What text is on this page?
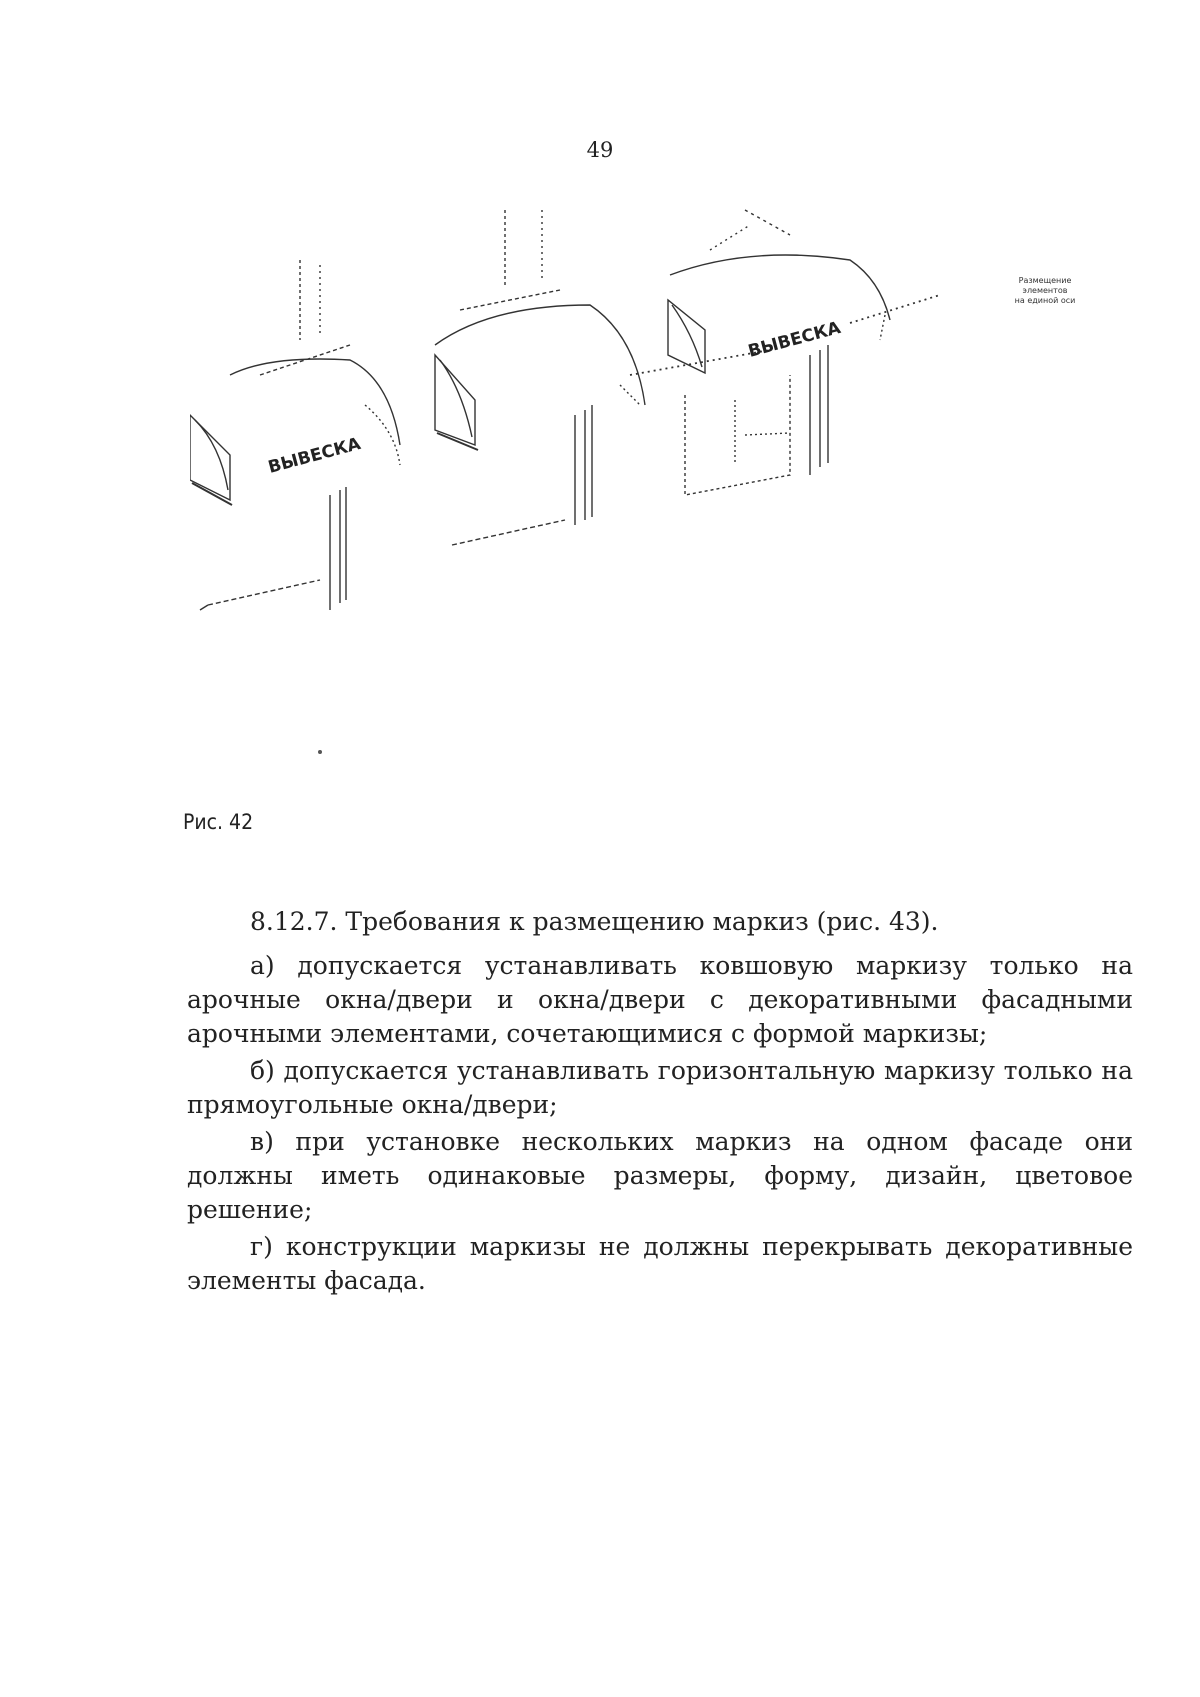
49
ВЫВЕСКА
ВЫВЕСКА
Размещение
элементов
на единой оси
Рис. 42

8.12.7. Требования к размещению маркиз (рис. 43).

а) допускается устанавливать ковшовую маркизу только на арочные окна/двери и окна/двери с декоративными фасадными арочными элементами, сочетающимися с формой маркизы;

б) допускается устанавливать горизонтальную маркизу только на прямоугольные окна/двери;

в) при установке нескольких маркиз на одном фасаде они должны иметь одинаковые размеры, форму, дизайн, цветовое решение;

г) конструкции маркизы не должны перекрывать декоративные элементы фасада.
